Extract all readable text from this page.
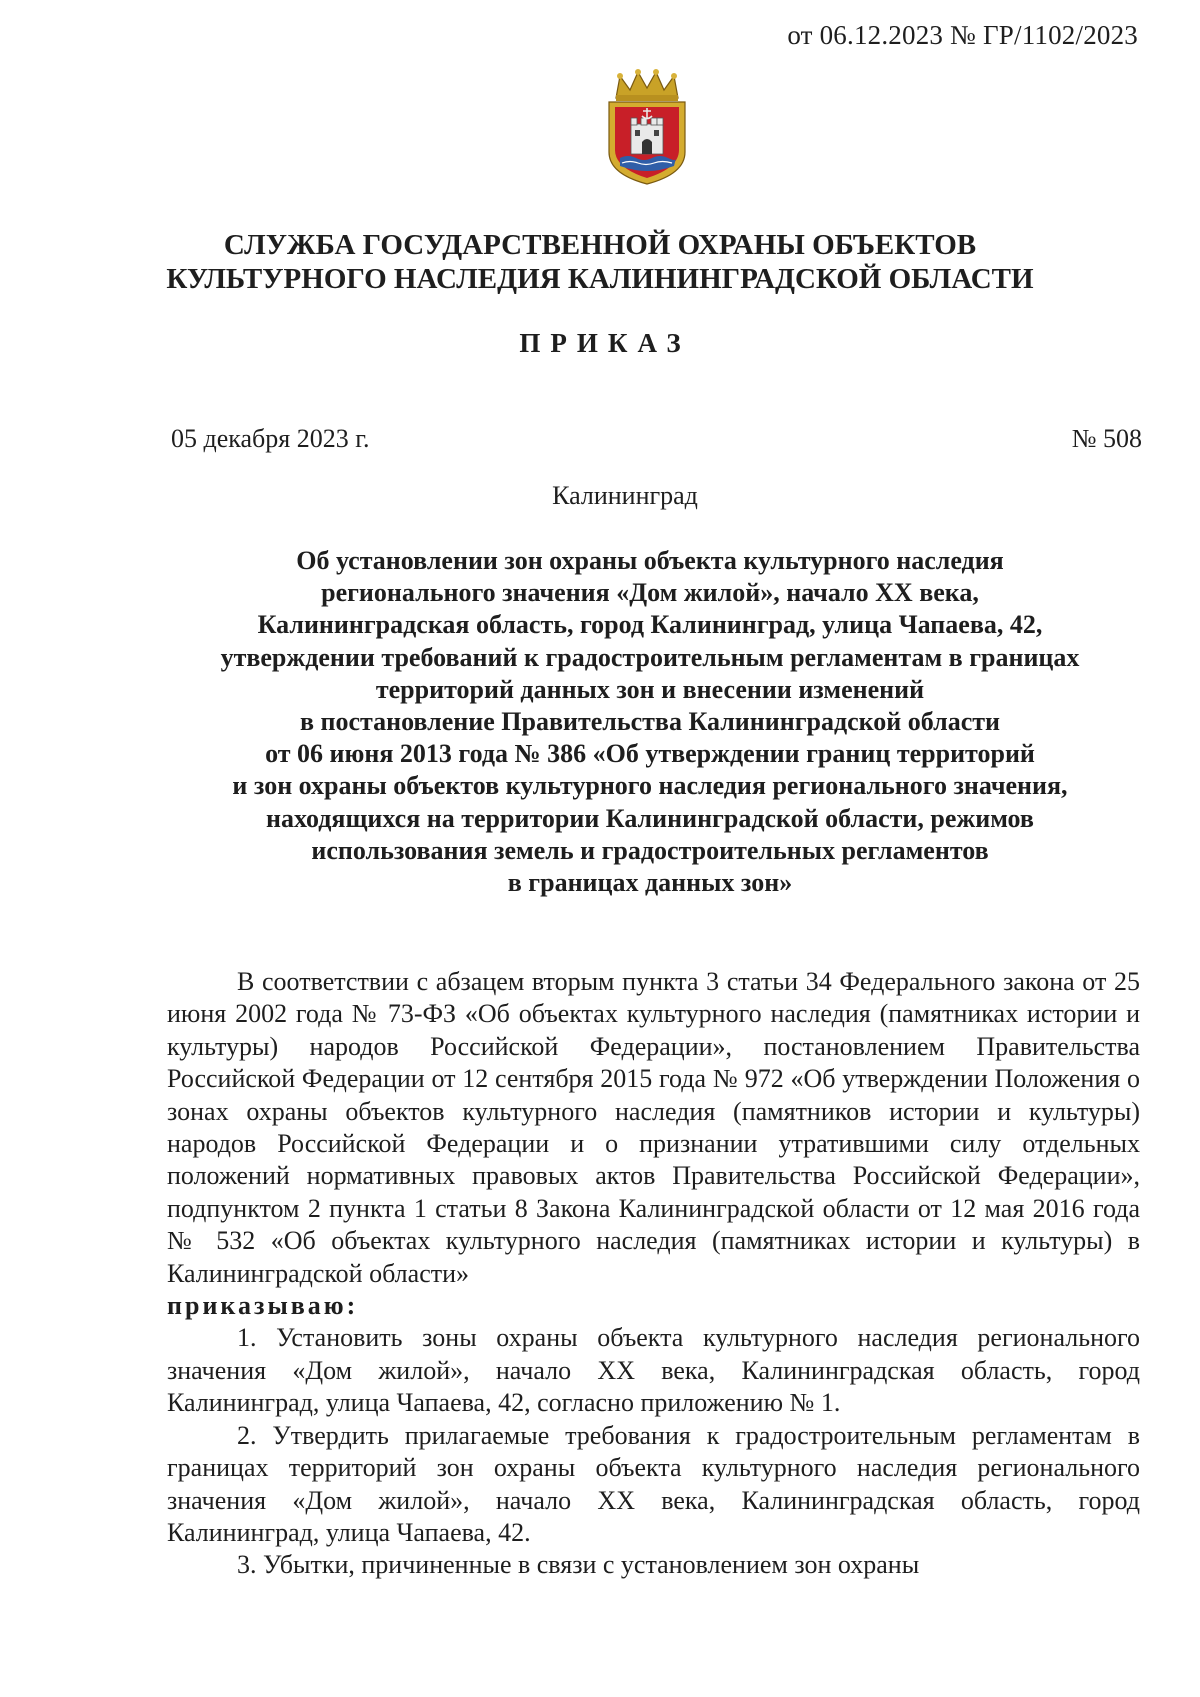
от 06.12.2023 № ГР/1102/2023
СЛУЖБА ГОСУДАРСТВЕННОЙ ОХРАНЫ ОБЪЕКТОВ
КУЛЬТУРНОГО НАСЛЕДИЯ КАЛИНИНГРАДСКОЙ ОБЛАСТИ
ПРИКАЗ
05 декабря 2023 г.	№ 508
Калининград
Об установлении зон охраны объекта культурного наследия
регионального значения «Дом жилой», начало XX века,
Калининградская область, город Калининград, улица Чапаева, 42,
утверждении требований к градостроительным регламентам в границах
территорий данных зон и внесении изменений
в постановление Правительства Калининградской области
от 06 июня 2013 года № 386 «Об утверждении границ территорий
и зон охраны объектов культурного наследия регионального значения,
находящихся на территории Калининградской области, режимов
использования земель и градостроительных регламентов
в границах данных зон»

В соответствии с абзацем вторым пункта 3 статьи 34 Федерального закона от 25 июня 2002 года № 73-ФЗ «Об объектах культурного наследия (памятниках истории и культуры) народов Российской Федерации», постановлением Правительства Российской Федерации от 12 сентября 2015 года № 972 «Об утверждении Положения о зонах охраны объектов культурного наследия (памятников истории и культуры) народов Российской Федерации и о признании утратившими силу отдельных положений нормативных правовых актов Правительства Российской Федерации», подпунктом 2 пункта 1 статьи 8 Закона Калининградской области от 12 мая 2016 года № 532 «Об объектах культурного наследия (памятниках истории и культуры) в Калининградской области»

приказываю:

1. Установить зоны охраны объекта культурного наследия регионального значения «Дом жилой», начало XX века, Калининградская область, город Калининград, улица Чапаева, 42, согласно приложению № 1.

2. Утвердить прилагаемые требования к градостроительным регламентам в границах территорий зон охраны объекта культурного наследия регионального значения «Дом жилой», начало XX века, Калининградская область, город Калининград, улица Чапаева, 42.

3. Убытки, причиненные в связи с установлением зон охраны
